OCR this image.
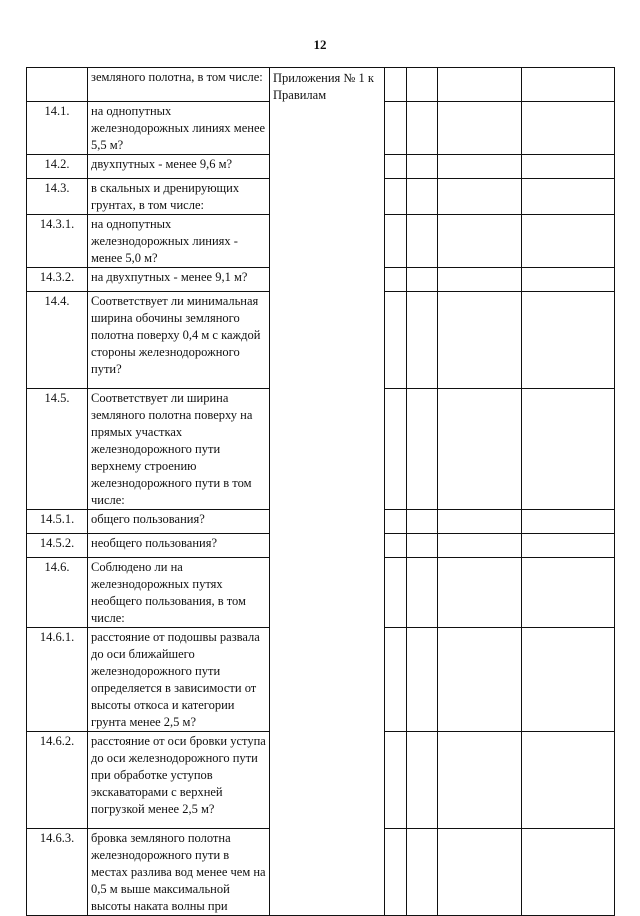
12
	земляного полотна, в том числе:	Приложения № 1 к Правилам				
14.1.	на однопутных железнодорожных линиях менее 5,5 м?					
14.2.	двухпутных - менее 9,6 м?					
14.3.	в скальных и дренирующих грунтах, в том числе:					
14.3.1.	на однопутных железнодорожных линиях - менее 5,0 м?					
14.3.2.	на двухпутных - менее 9,1 м?					
14.4.	Соответствует ли минимальная ширина обочины земляного полотна поверху 0,4 м с каждой стороны железнодорожного пути?					
14.5.	Соответствует ли ширина земляного полотна поверху на прямых участках железнодорожного пути верхнему строению железнодорожного пути в том числе:					
14.5.1.	общего пользования?					
14.5.2.	необщего пользования?					
14.6.	Соблюдено ли на железнодорожных путях необщего пользования, в том числе:					
14.6.1.	расстояние от подошвы развала до оси ближайшего железнодорожного пути определяется в зависимости от высоты откоса и категории грунта менее 2,5 м?					
14.6.2.	расстояние от оси бровки уступа до оси железнодорожного пути при обработке уступов экскаваторами с верхней погрузкой менее 2,5 м?					
14.6.3.	бровка земляного полотна железнодорожного пути в местах разлива вод менее чем на 0,5 м выше максимальной высоты наката волны при					
